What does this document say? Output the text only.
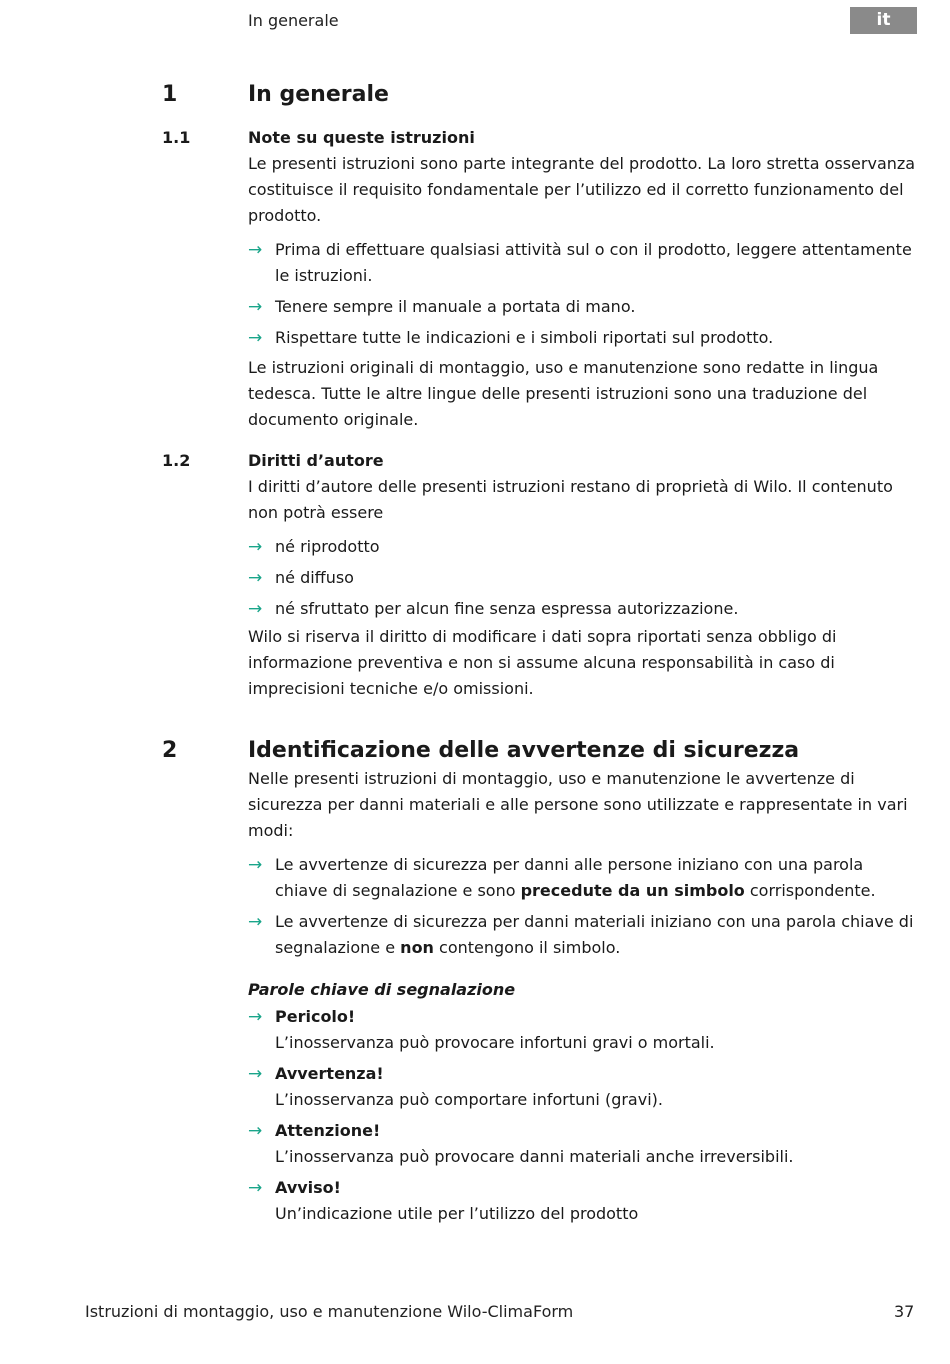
In generale	it
1	In generale
1.1	Note su queste istruzioni

Le presenti istruzioni sono parte integrante del prodotto. La loro stretta osservanza costituisce il requisito fondamentale per l’utilizzo ed il corretto funzionamento del prodotto.

→ Prima di effettuare qualsiasi attività sul o con il prodotto, leggere attentamente le istruzioni.
→ Tenere sempre il manuale a portata di mano.
→ Rispettare tutte le indicazioni e i simboli riportati sul prodotto.

Le istruzioni originali di montaggio, uso e manutenzione sono redatte in lingua tedesca. Tutte le altre lingue delle presenti istruzioni sono una traduzione del documento originale.

1.2	Diritti d’autore

I diritti d’autore delle presenti istruzioni restano di proprietà di Wilo. Il contenuto non potrà essere

→ né riprodotto
→ né diffuso
→ né sfruttato per alcun fine senza espressa autorizzazione.

Wilo si riserva il diritto di modificare i dati sopra riportati senza obbligo di informazione preventiva e non si assume alcuna responsabilità in caso di imprecisioni tecniche e/o omissioni.

2	Identificazione delle avvertenze di sicurezza

Nelle presenti istruzioni di montaggio, uso e manutenzione le avvertenze di sicurezza per danni materiali e alle persone sono utilizzate e rappresentate in vari modi:

→ Le avvertenze di sicurezza per danni alle persone iniziano con una parola chiave di segnalazione e sono precedute da un simbolo corrispondente.
→ Le avvertenze di sicurezza per danni materiali iniziano con una parola chiave di segnalazione e non contengono il simbolo.

Parole chiave di segnalazione

→ Pericolo!
L’inosservanza può provocare infortuni gravi o mortali.
→ Avvertenza!
L’inosservanza può comportare infortuni (gravi).
→ Attenzione!
L’inosservanza può provocare danni materiali anche irreversibili.
→ Avviso!
Un’indicazione utile per l’utilizzo del prodotto
Istruzioni di montaggio, uso e manutenzione Wilo-ClimaForm	37
